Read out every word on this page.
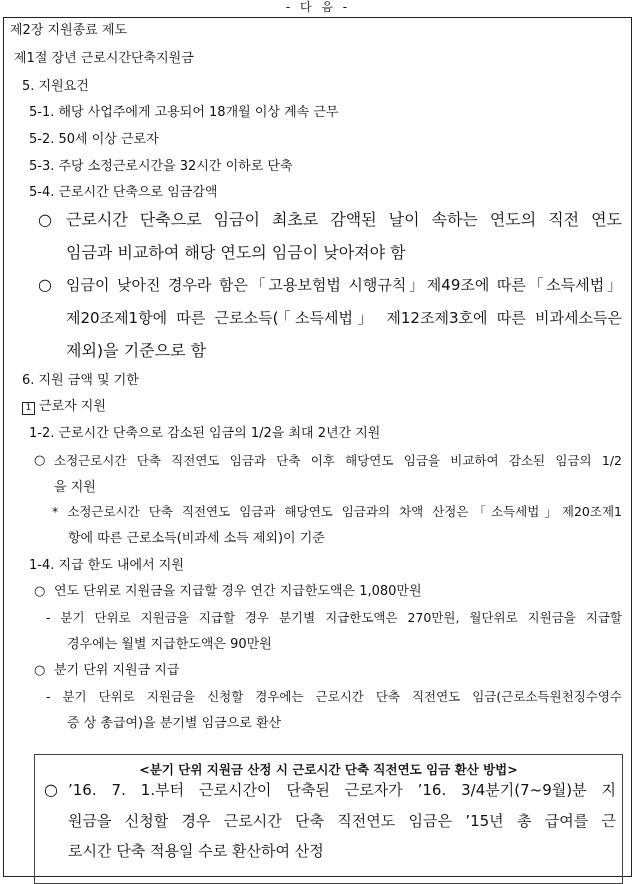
- 다 음 -
제2장 지원종료 제도
제1절 장년 근로시간단축지원금
5. 지원요건
5-1. 해당 사업주에게 고용되어 18개월 이상 계속 근무
5-2. 50세 이상 근로자
5-3. 주당 소정근로시간을 32시간 이하로 단축
5-4. 근로시간 단축으로 임금감액
○ 근로시간 단축으로 임금이 최초로 감액된 날이 속하는 연도의 직전 연도
임금과 비교하여 해당 연도의 임금이 낮아져야 함
○ 임금이 낮아진 경우라 함은「고용보험법 시행규칙」제49조에 따른「소득세법」
제20조제1항에 따른 근로소득(「소득세법」 제12조제3호에 따른 비과세소득은
제외)을 기준으로 함
6. 지원 금액 및 기한
1 근로자 지원
1-2. 근로시간 단축으로 감소된 임금의 1/2을 최대 2년간 지원
○ 소정근로시간 단축 직전연도 임금과 단축 이후 해당연도 임금을 비교하여 감소된 임금의 1/2
을 지원
* 소정근로시간 단축 직전연도 임금과 해당연도 임금과의 차액 산정은「소득세법」제20조제1
항에 따른 근로소득(비과세 소득 제외)이 기준
1-4. 지급 한도 내에서 지원
○ 연도 단위로 지원금을 지급할 경우 연간 지급한도액은 1,080만원
- 분기 단위로 지원금을 지급할 경우 분기별 지급한도액은 270만원, 월단위로 지원금을 지급할
경우에는 월별 지급한도액은 90만원
○ 분기 단위 지원금 지급
- 분기 단위로 지원금을 신청할 경우에는 근로시간 단축 직전연도 임금(근로소득원천징수영수
증 상 총급여)을 분기별 임금으로 환산
<분기 단위 지원금 산정 시 근로시간 단축 직전연도 임금 환산 방법>
○ ’16. 7. 1.부터 근로시간이 단축된 근로자가 ’16. 3/4분기(7~9월)분 지
원금을 신청할 경우 근로시간 단축 직전연도 임금은 ’15년 총 급여를 근
로시간 단축 적용일 수로 환산하여 산정
